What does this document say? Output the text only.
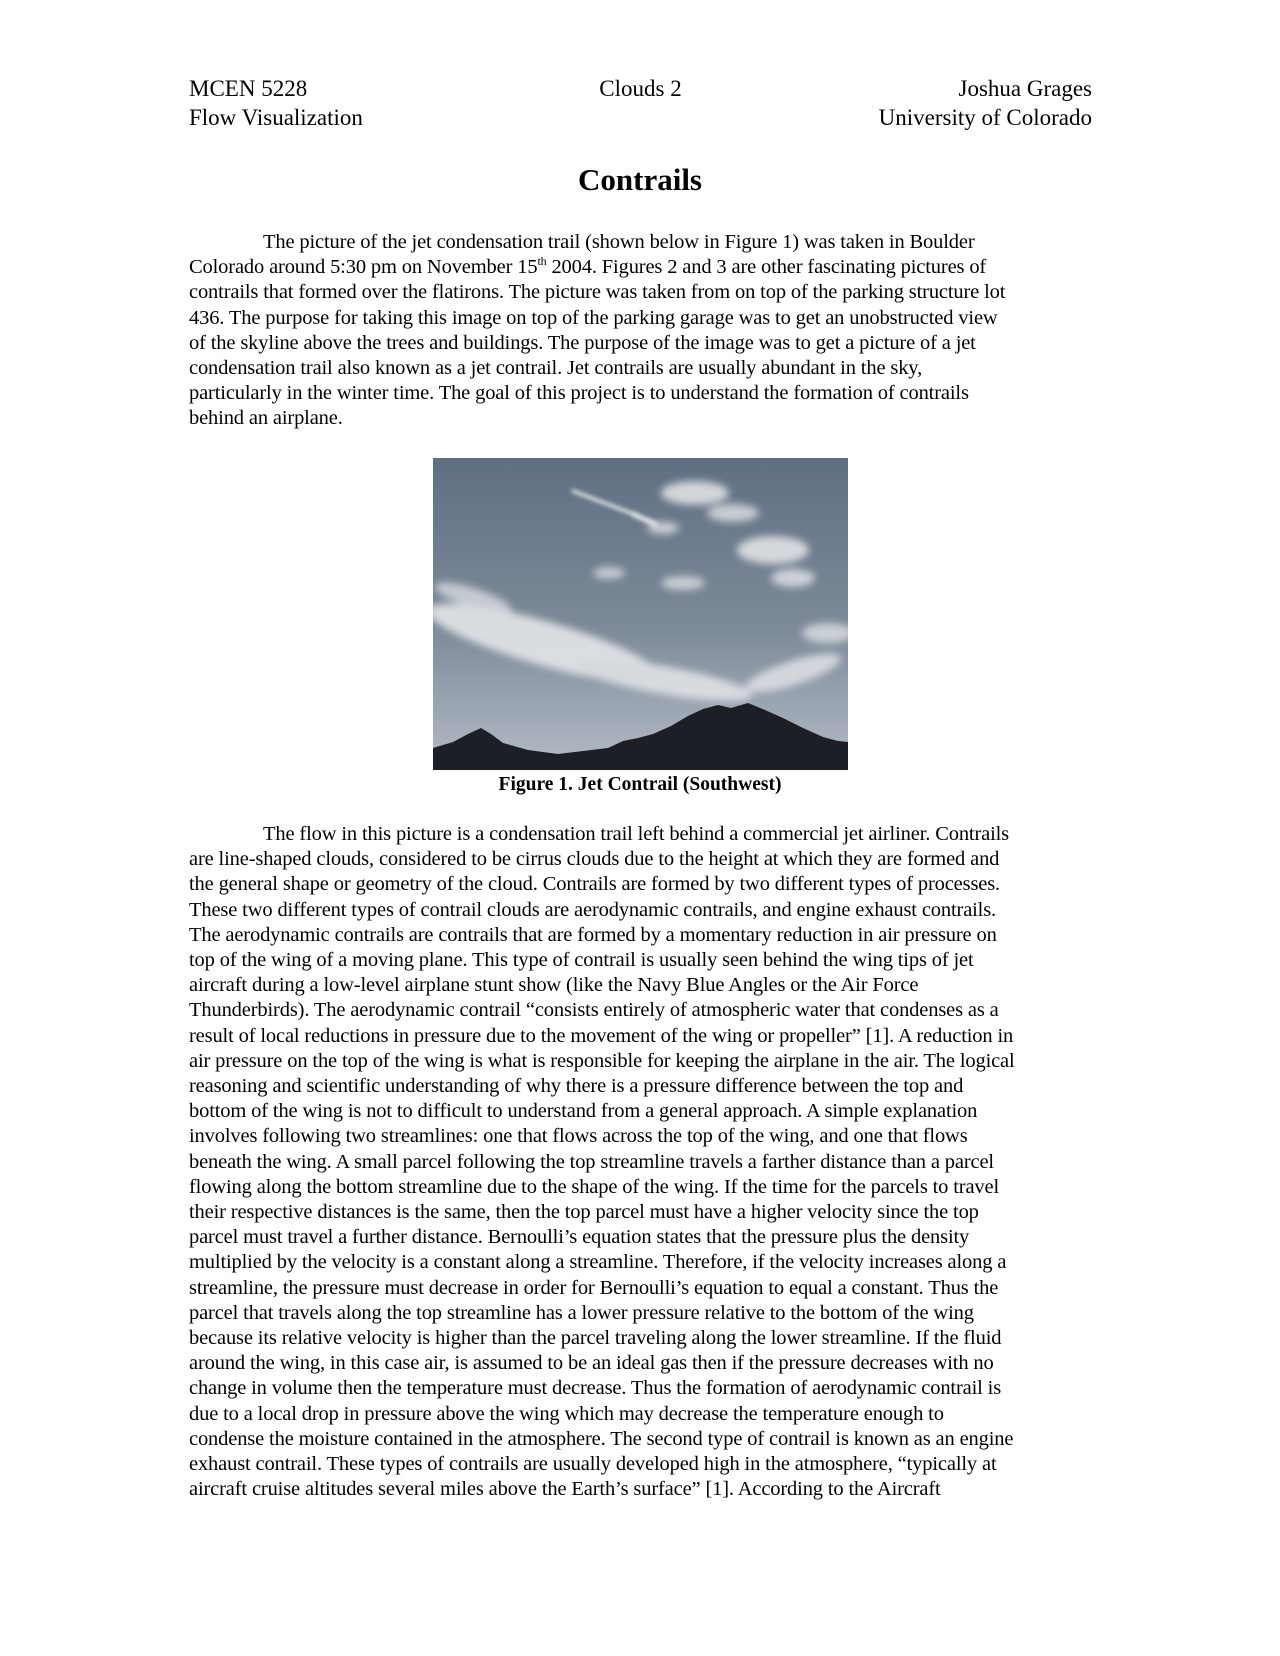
MCEN 5228	Clouds 2	Joshua Grages
Flow Visualization	University of Colorado
Contrails
The picture of the jet condensation trail (shown below in Figure 1) was taken in Boulder
Colorado around 5:30 pm on November 15th 2004. Figures 2 and 3 are other fascinating pictures of
contrails that formed over the flatirons. The picture was taken from on top of the parking structure lot
436. The purpose for taking this image on top of the parking garage was to get an unobstructed view
of the skyline above the trees and buildings. The purpose of the image was to get a picture of a jet
condensation trail also known as a jet contrail. Jet contrails are usually abundant in the sky,
particularly in the winter time. The goal of this project is to understand the formation of contrails
behind an airplane.
Figure 1. Jet Contrail (Southwest)
The flow in this picture is a condensation trail left behind a commercial jet airliner. Contrails
are line-shaped clouds, considered to be cirrus clouds due to the height at which they are formed and
the general shape or geometry of the cloud. Contrails are formed by two different types of processes.
These two different types of contrail clouds are aerodynamic contrails, and engine exhaust contrails.
The aerodynamic contrails are contrails that are formed by a momentary reduction in air pressure on
top of the wing of a moving plane. This type of contrail is usually seen behind the wing tips of jet
aircraft during a low-level airplane stunt show (like the Navy Blue Angles or the Air Force
Thunderbirds). The aerodynamic contrail “consists entirely of atmospheric water that condenses as a
result of local reductions in pressure due to the movement of the wing or propeller” [1]. A reduction in
air pressure on the top of the wing is what is responsible for keeping the airplane in the air. The logical
reasoning and scientific understanding of why there is a pressure difference between the top and
bottom of the wing is not to difficult to understand from a general approach. A simple explanation
involves following two streamlines: one that flows across the top of the wing, and one that flows
beneath the wing. A small parcel following the top streamline travels a farther distance than a parcel
flowing along the bottom streamline due to the shape of the wing. If the time for the parcels to travel
their respective distances is the same, then the top parcel must have a higher velocity since the top
parcel must travel a further distance. Bernoulli’s equation states that the pressure plus the density
multiplied by the velocity is a constant along a streamline. Therefore, if the velocity increases along a
streamline, the pressure must decrease in order for Bernoulli’s equation to equal a constant. Thus the
parcel that travels along the top streamline has a lower pressure relative to the bottom of the wing
because its relative velocity is higher than the parcel traveling along the lower streamline. If the fluid
around the wing, in this case air, is assumed to be an ideal gas then if the pressure decreases with no
change in volume then the temperature must decrease. Thus the formation of aerodynamic contrail is
due to a local drop in pressure above the wing which may decrease the temperature enough to
condense the moisture contained in the atmosphere. The second type of contrail is known as an engine
exhaust contrail. These types of contrails are usually developed high in the atmosphere, “typically at
aircraft cruise altitudes several miles above the Earth’s surface” [1]. According to the Aircraft
